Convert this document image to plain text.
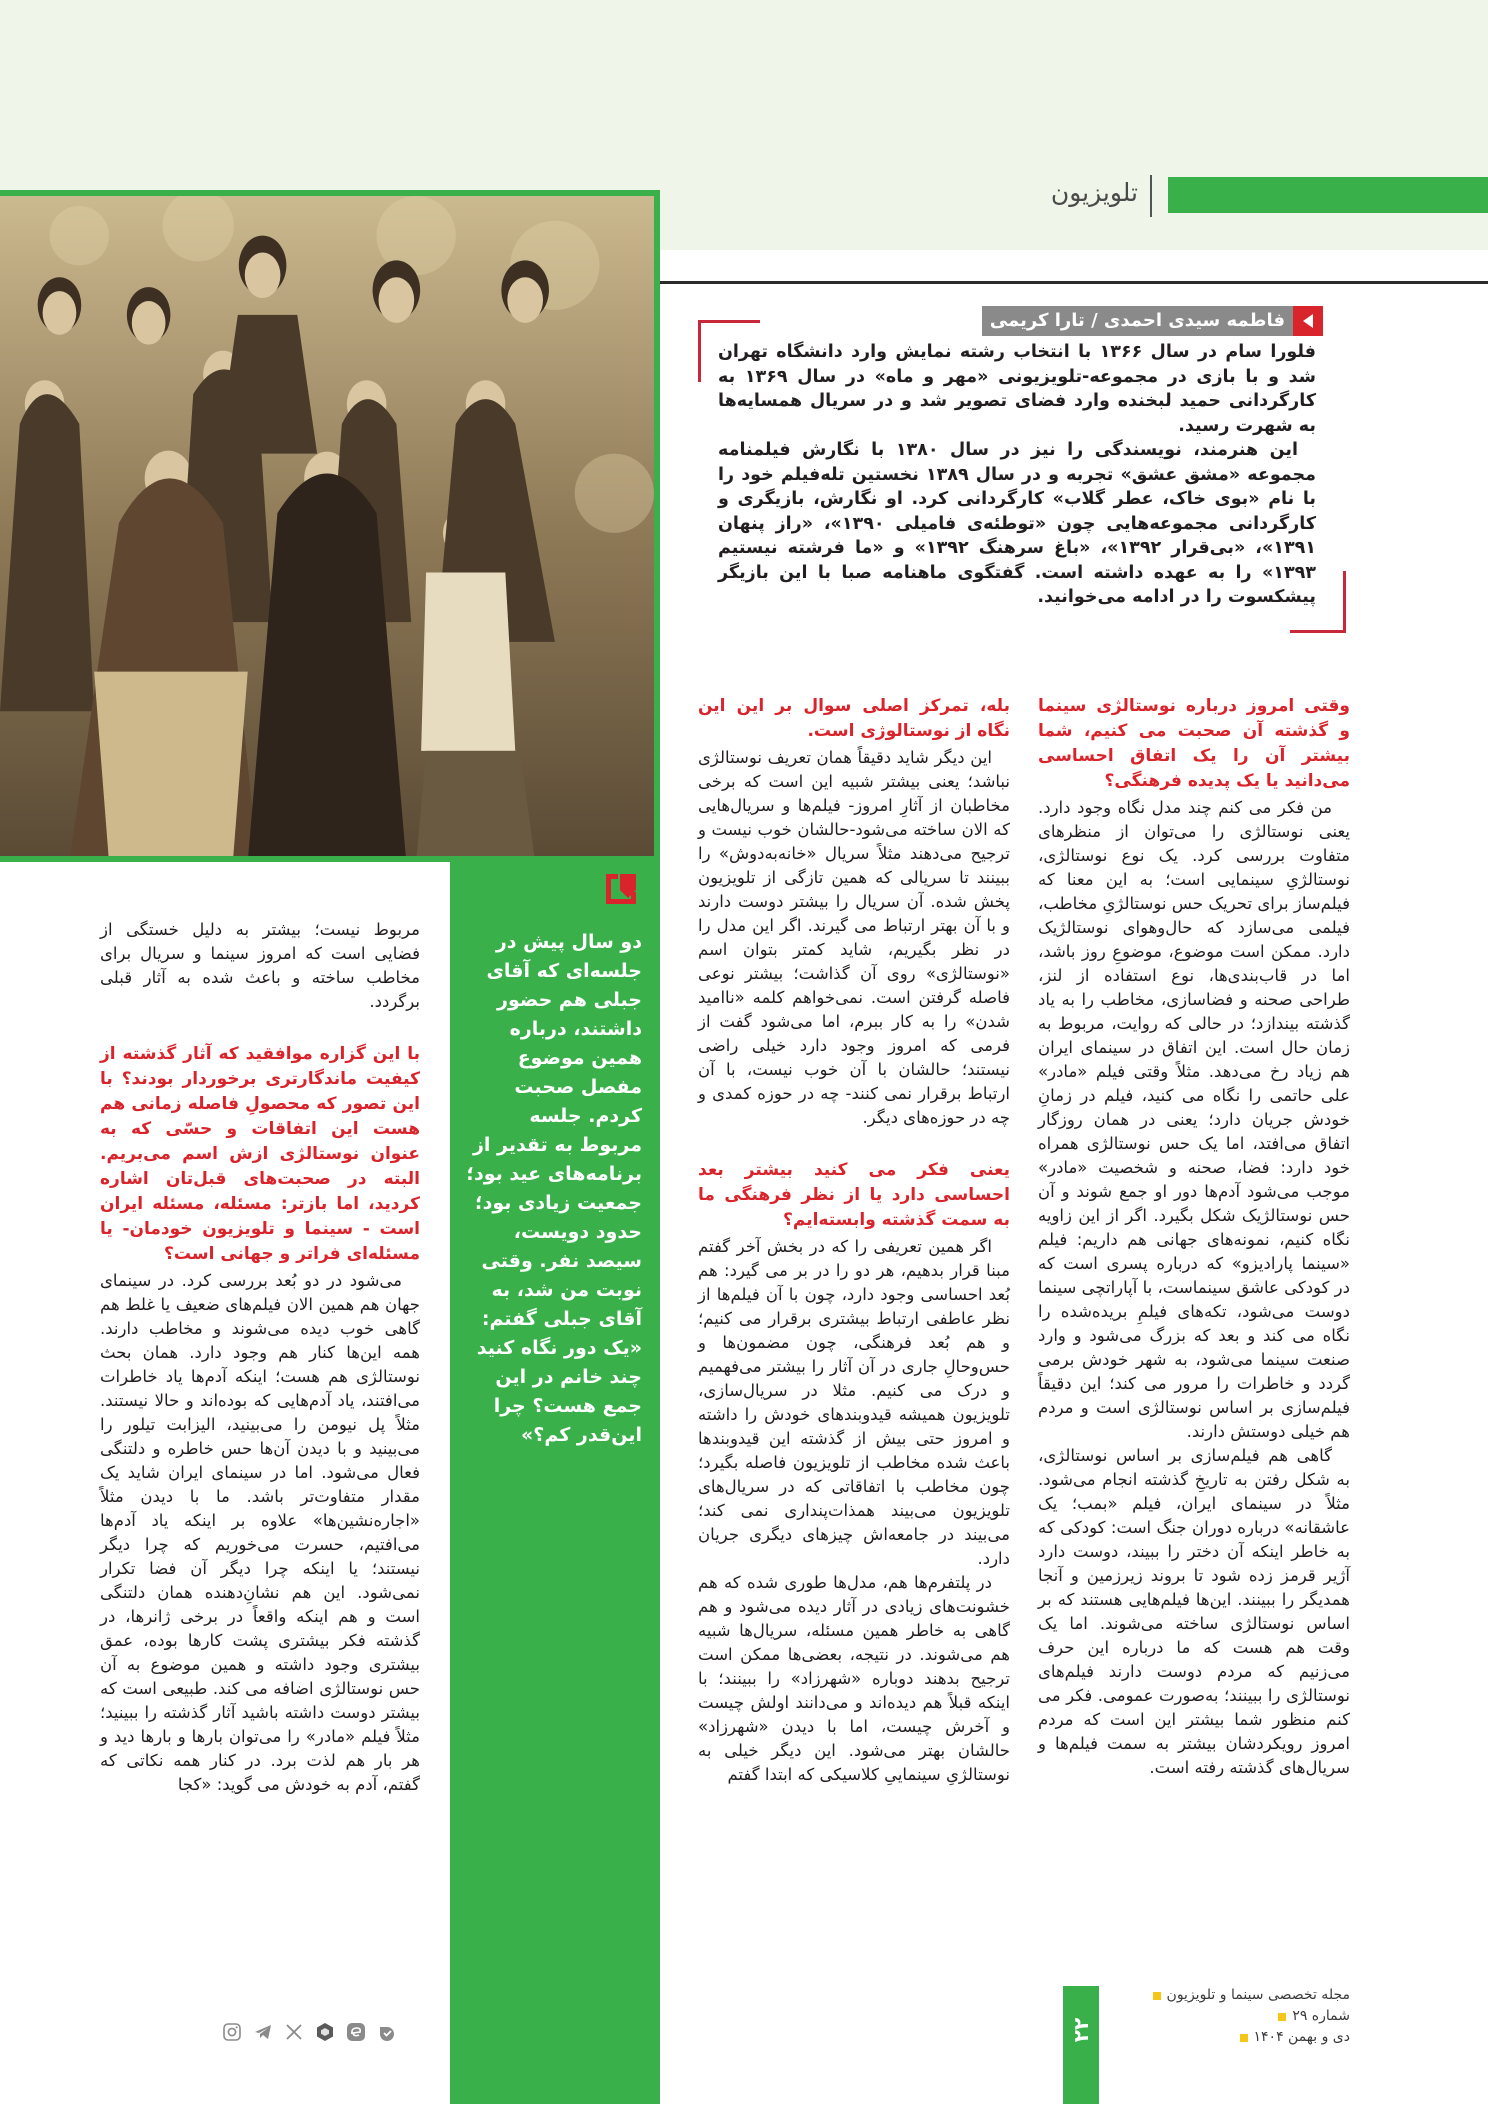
تلویزیون
دو سال پیش در جلسه‌ای که آقای جبلی هم حضور داشتند، درباره همین موضوع مفصل صحبت کردم. جلسه مربوط به تقدیر از برنامه‌های عید بود؛ جمعیت زیادی بود؛ حدود دویست، سیصد نفر. وقتی نوبت من شد، به آقای جبلی گفتم: «یک دور نگاه کنید چند خانم در این جمع هست؟ چرا این‌قدر کم؟»
فاطمه سیدی احمدی / تارا کریمی

فلورا سام در سال ۱۳۶۶ با انتخاب رشته نمایش وارد دانشگاه تهران شد و با بازی در مجموعه-تلویزیونی «مهر و ماه» در سال ۱۳۶۹ به کارگردانی حمید لبخنده وارد فضای تصویر شد و در سریال همسایه‌ها به شهرت رسید.

این هنرمند، نویسندگی را نیز در سال ۱۳۸۰ با نگارش فیلمنامه مجموعه «مشق عشق» تجربه و در سال ۱۳۸۹ نخستین تله‌فیلم خود را با نام «بوی خاک، عطر گلاب» کارگردانی کرد. او نگارش، بازیگری و کارگردانی مجموعه‌هایی چون «توطئه‌ی فامیلی ۱۳۹۰»، «راز پنهان ۱۳۹۱»، «بی‌قرار ۱۳۹۲»، «باغ سرهنگ ۱۳۹۲» و «ما فرشته نیستیم ۱۳۹۳» را به عهده داشته است. گفتگوی ماهنامه صبا با این بازیگر پیشکسوت را در ادامه می‌خوانید.

وقتی امروز درباره نوستالژی سینما و گذشته آن صحبت می کنیم، شما بیشتر آن را یک اتفاق احساسی می‌دانید یا یک پدیده فرهنگی؟

من فکر می کنم چند مدل نگاه وجود دارد. یعنی نوستالژی را می‌توان از منظرهای متفاوت بررسی کرد. یک نوع نوستالژی، نوستالژیِ سینمایی است؛ به این معنا که فیلم‌ساز برای تحریک حس نوستالژیِ مخاطب، فیلمی می‌سازد که حال‌وهوای نوستالژیک دارد. ممکن است موضوع، موضوعِ روز باشد، اما در قاب‌بندی‌ها، نوع استفاده از لنز، طراحی صحنه و فضاسازی، مخاطب را به یاد گذشته بیندازد؛ در حالی که روایت، مربوط به زمان حال است. این اتفاق در سینمای ایران هم زیاد رخ می‌دهد. مثلاً وقتی فیلم «مادر» علی حاتمی را نگاه می کنید، فیلم در زمانِ خودش جریان دارد؛ یعنی در همان روزگار اتفاق می‌افتد، اما یک حس نوستالژی همراه خود دارد: فضا، صحنه و شخصیت «مادر» موجب می‌شود آدم‌ها دور او جمع شوند و آن حس نوستالژیک شکل بگیرد. اگر از این زاویه نگاه کنیم، نمونه‌های جهانی هم داریم: فیلم «سینما پارادیزو» که درباره پسری است که در کودکی عاشق سینماست، با آپاراتچی سینما دوست می‌شود، تکه‌های فیلمِ بریده‌شده را نگاه می کند و بعد که بزرگ می‌شود و وارد صنعت سینما می‌شود، به شهر خودش برمی گردد و خاطرات را مرور می کند؛ این دقیقاً فیلم‌سازی بر اساس نوستالژی است و مردم هم خیلی دوستش دارند.

گاهی هم فیلم‌سازی بر اساس نوستالژی، به شکل رفتن به تاریخِ گذشته انجام می‌شود. مثلاً در سینمای ایران، فیلم «بمب؛ یک عاشقانه» درباره دوران جنگ است: کودکی که به خاطر اینکه آن دختر را ببیند، دوست دارد آژیر قرمز زده شود تا بروند زیرزمین و آنجا همدیگر را ببینند. این‌ها فیلم‌هایی هستند که بر اساس نوستالژی ساخته می‌شوند. اما یک وقت هم هست که ما درباره این حرف می‌زنیم که مردم دوست دارند فیلم‌های نوستالژی را ببینند؛ به‌صورت عمومی. فکر می کنم منظور شما بیشتر این است که مردم امروز رویکردشان بیشتر به سمت فیلم‌ها و سریال‌های گذشته رفته است.

بله، تمرکز اصلی سوال بر این این نگاه از نوستالوژی است.

این دیگر شاید دقیقاً همان تعریف نوستالژی نباشد؛ یعنی بیشتر شبیه این است که برخی مخاطبان از آثارِ امروز- فیلم‌ها و سریال‌هایی که الان ساخته می‌شود-حالشان خوب نیست و ترجیح می‌دهند مثلاً سریال «خانه‌به‌دوش» را ببینند تا سریالی که همین تازگی از تلویزیون پخش شده. آن سریال را بیشتر دوست دارند و با آن بهتر ارتباط می گیرند. اگر این مدل را در نظر بگیریم، شاید کمتر بتوان اسم «نوستالژی» روی آن گذاشت؛ بیشتر نوعی فاصله گرفتن است. نمی‌خواهم کلمه «ناامید شدن» را به کار ببرم، اما می‌شود گفت از فرمی که امروز وجود دارد خیلی راضی نیستند؛ حالشان با آن خوب نیست، با آن ارتباط برقرار نمی کنند- چه در حوزه کمدی و چه در حوزه‌های دیگر.

یعنی فکر می کنید بیشتر بعد احساسی دارد یا از نظر فرهنگی ما به سمت گذشته وابسته‌ایم؟

اگر همین تعریفی را که در بخش آخر گفتم مبنا قرار بدهیم، هر دو را در بر می گیرد: هم بُعد احساسی وجود دارد، چون با آن فیلم‌ها از نظر عاطفی ارتباط بیشتری برقرار می کنیم؛ و هم بُعد فرهنگی، چون مضمون‌ها و حس‌وحالِ جاری در آن آثار را بیشتر می‌فهمیم و درک می کنیم. مثلا در سریال‌سازی، تلویزیون همیشه قیدوبندهای خودش را داشته و امروز حتی بیش از گذشته این قیدوبندها باعث شده مخاطب از تلویزیون فاصله بگیرد؛ چون مخاطب با اتفاقاتی که در سریال‌های تلویزیون می‌بیند همذات‌پنداری نمی کند؛ می‌بیند در جامعه‌اش چیزهای دیگری جریان دارد.

در پلتفرم‌ها هم، مدل‌ها طوری شده که هم خشونت‌های زیادی در آثار دیده می‌شود و هم گاهی به خاطر همین مسئله، سریال‌ها شبیه هم می‌شوند. در نتیجه، بعضی‌ها ممکن است ترجیح بدهند دوباره «شهرزاد» را ببینند؛ با اینکه قبلاً هم دیده‌اند و می‌دانند اولش چیست و آخرش چیست، اما با دیدن «شهرزاد» حالشان بهتر می‌شود. این دیگر خیلی به نوستالژیِ سینماییِ کلاسیکی که ابتدا گفتم

مربوط نیست؛ بیشتر به دلیل خستگی از فضایی است که امروز سینما و سریال برای مخاطب ساخته و باعث شده به آثار قبلی برگردد.

با این گزاره موافقید که آثار گذشته از کیفیت ماندگارتری برخوردار بودند؟ با این تصور که محصولِ فاصله زمانی هم هست این اتفاقات و حسّی که به عنوان نوستالژی ازش اسم می‌بریم. البته در صحبت‌های قبل‌تان اشاره کردید، اما بازتر: مسئله، مسئله ایران است - سینما و تلویزیون خودمان- یا مسئله‌ای فراتر و جهانی است؟

می‌شود در دو بُعد بررسی کرد. در سینمای جهان هم همین الان فیلم‌های ضعیف یا غلط هم گاهی خوب دیده می‌شوند و مخاطب دارند. همه این‌ها کنار هم وجود دارد. همان بحث نوستالژی هم هست؛ اینکه آدم‌ها یاد خاطرات می‌افتند، یاد آدم‌هایی که بوده‌اند و حالا نیستند. مثلاً پل نیومن را می‌بینید، الیزابت تیلور را می‌بینید و با دیدن آن‌ها حس خاطره و دلتنگی فعال می‌شود. اما در سینمای ایران شاید یک مقدار متفاوت‌تر باشد. ما با دیدن مثلاً «اجاره‌نشین‌ها» علاوه بر اینکه یاد آدم‌ها می‌افتیم، حسرت می‌خوریم که چرا دیگر نیستند؛ یا اینکه چرا دیگر آن فضا تکرار نمی‌شود. این هم نشانِ‌دهنده همان دلتنگی است و هم اینکه واقعاً در برخی ژانرها، در گذشته فکر بیشتری پشت کارها بوده، عمق بیشتری وجود داشته و همین موضوع به آن حس نوستالژی اضافه می کند. طبیعی است که بیشتر دوست داشته باشید آثار گذشته را ببینید؛ مثلاً فیلم «مادر» را می‌توان بارها و بارها دید و هر بار هم لذت برد. در کنار همه نکاتی که گفتم، آدم به خودش می گوید: «کجا

۲۲
مجله تخصصی سینما و تلویزیون
شماره ۲۹
دی و بهمن ۱۴۰۴
